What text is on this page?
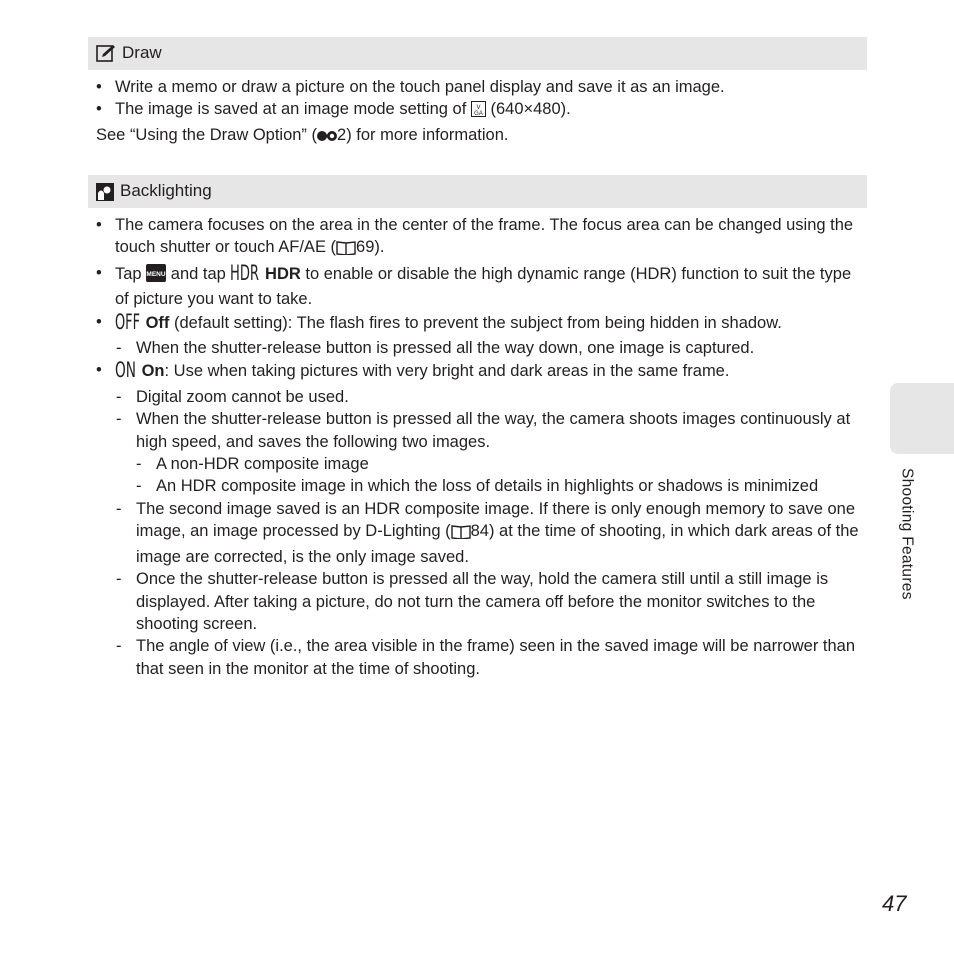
Draw
• Write a memo or draw a picture on the touch panel display and save it as an image.
• The image is saved at an image mode setting of V
GA (640×480).
See “Using the Draw Option” ( 2) for more information.
Backlighting
• The camera focuses on the area in the center of the frame. The focus area can be changed using the touch shutter or touch AF/AE ( 69).
• Tap MENU and tap HDR HDR to enable or disable the high dynamic range (HDR) function to suit the type of picture you want to take.
• OFF Off (default setting): The flash fires to prevent the subject from being hidden in shadow.
- When the shutter-release button is pressed all the way down, one image is captured.
• ON On: Use when taking pictures with very bright and dark areas in the same frame.
- Digital zoom cannot be used.
- When the shutter-release button is pressed all the way, the camera shoots images continuously at high speed, and saves the following two images.
- A non-HDR composite image
- An HDR composite image in which the loss of details in highlights or shadows is minimized
- The second image saved is an HDR composite image. If there is only enough memory to save one image, an image processed by D-Lighting ( 84) at the time of shooting, in which dark areas of the image are corrected, is the only image saved.
- Once the shutter-release button is pressed all the way, hold the camera still until a still image is displayed. After taking a picture, do not turn the camera off before the monitor switches to the shooting screen.
- The angle of view (i.e., the area visible in the frame) seen in the saved image will be narrower than that seen in the monitor at the time of shooting.
Shooting Features
47
